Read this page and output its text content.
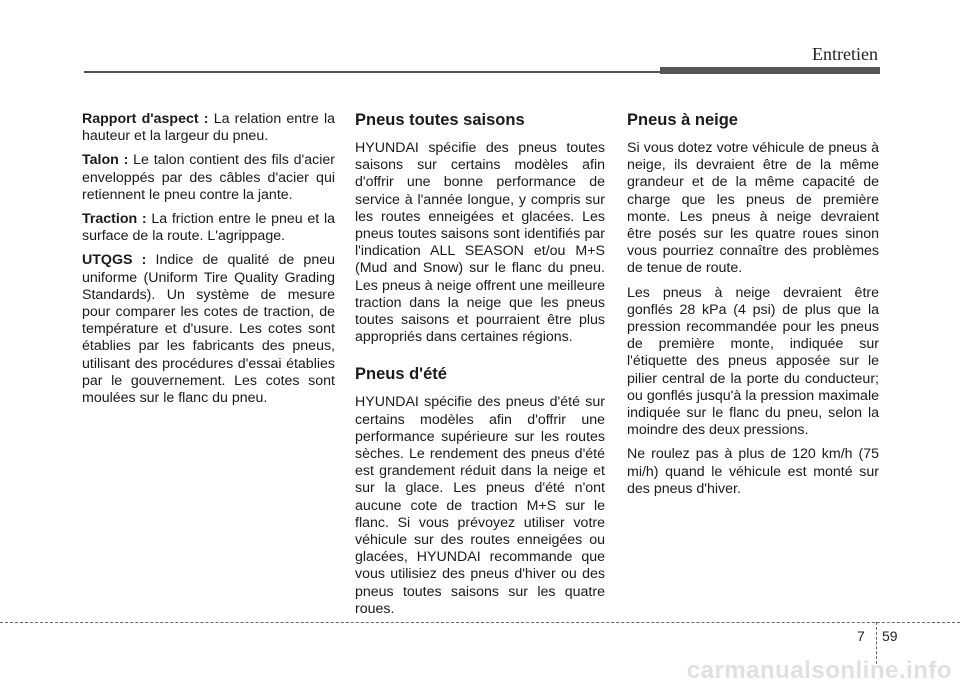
Entretien

Rapport d'aspect : La relation entre la hauteur et la largeur du pneu.

Talon : Le talon contient des fils d'acier enveloppés par des câbles d'acier qui retiennent le pneu contre la jante.

Traction : La friction entre le pneu et la surface de la route. L'agrippage.

UTQGS : Indice de qualité de pneu uniforme (Uniform Tire Quality Grading Standards). Un système de mesure pour comparer les cotes de traction, de température et d'usure. Les cotes sont établies par les fabricants des pneus, utilisant des procédures d'essai établies par le gouvernement. Les cotes sont moulées sur le flanc du pneu.

Pneus toutes saisons

HYUNDAI spécifie des pneus toutes saisons sur certains modèles afin d'offrir une bonne performance de service à l'année longue, y compris sur les routes enneigées et glacées. Les pneus toutes saisons sont identifiés par l'indication ALL SEASON et/ou M+S (Mud and Snow) sur le flanc du pneu. Les pneus à neige offrent une meilleure traction dans la neige que les pneus toutes saisons et pourraient être plus appropriés dans certaines régions.

Pneus d'été

HYUNDAI spécifie des pneus d'été sur certains modèles afin d'offrir une performance supérieure sur les routes sèches. Le rendement des pneus d'été est grandement réduit dans la neige et sur la glace. Les pneus d'été n'ont aucune cote de traction M+S sur le flanc. Si vous prévoyez utiliser votre véhicule sur des routes enneigées ou glacées, HYUNDAI recommande que vous utilisiez des pneus d'hiver ou des pneus toutes saisons sur les quatre roues.

Pneus à neige

Si vous dotez votre véhicule de pneus à neige, ils devraient être de la même grandeur et de la même capacité de charge que les pneus de première monte. Les pneus à neige devraient être posés sur les quatre roues sinon vous pourriez connaître des problèmes de tenue de route.

Les pneus à neige devraient être gonflés 28 kPa (4 psi) de plus que la pression recommandée pour les pneus de première monte, indiquée sur l'étiquette des pneus apposée sur le pilier central de la porte du conducteur; ou gonflés jusqu'à la pression maximale indiquée sur le flanc du pneu, selon la moindre des deux pressions.

Ne roulez pas à plus de 120 km/h (75 mi/h) quand le véhicule est monté sur des pneus d'hiver.

7 59
carmanualsonline.info
